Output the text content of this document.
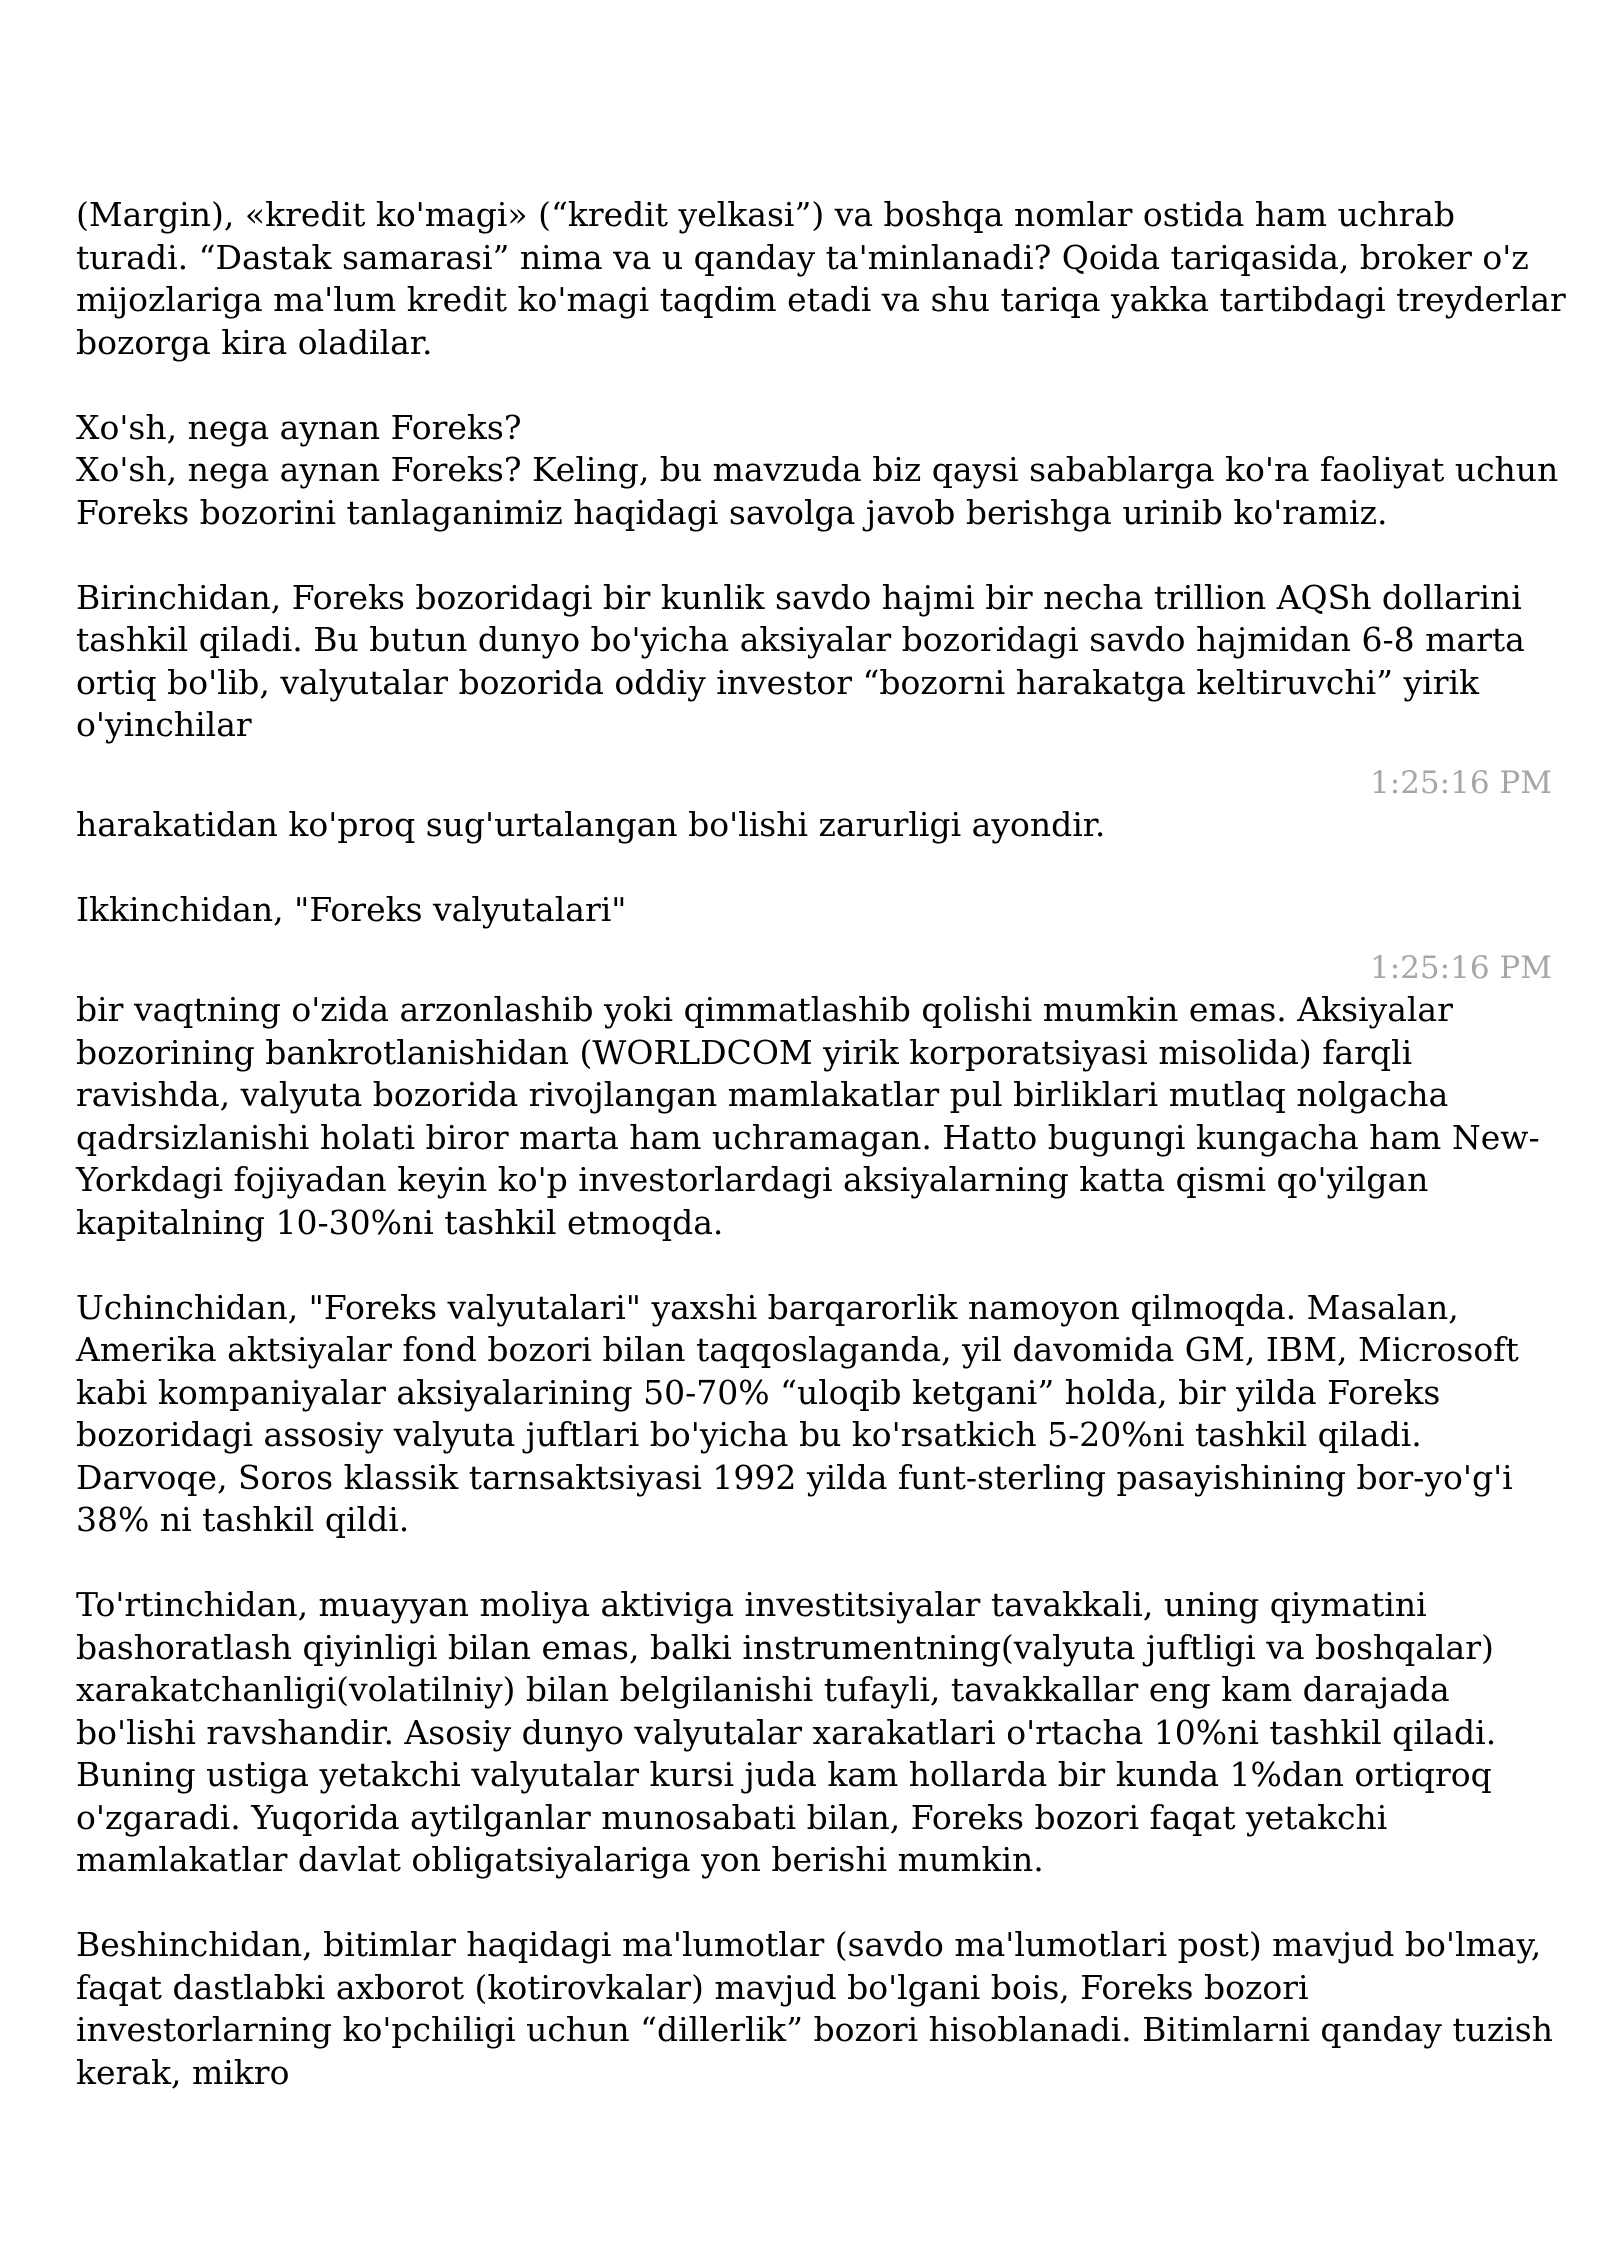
(Margin), «kredit ko'magi» (“kredit yelkasi”) va boshqa nomlar ostida ham uchrab turadi. “Dastak samarasi” nima va u qanday ta'minlanadi? Qoida tariqasida, broker o'z mijozlariga ma'lum kredit ko'magi taqdim etadi va shu tariqa yakka tartibdagi treyderlar bozorga kira oladilar.

Xo'sh, nega aynan Foreks?

Xo'sh, nega aynan Foreks? Keling, bu mavzuda biz qaysi sabablarga ko'ra faoliyat uchun Foreks bozorini tanlaganimiz haqidagi savolga javob berishga urinib ko'ramiz.

Birinchidan, Foreks bozoridagi bir kunlik savdo hajmi bir necha trillion AQSh dollarini tashkil qiladi. Bu butun dunyo bo'yicha aksiyalar bozoridagi savdo hajmidan 6-8 marta ortiq bo'lib, valyutalar bozorida oddiy investor “bozorni harakatga keltiruvchi” yirik o'yinchilar

1:25:16 PM

harakatidan ko'proq sug'urtalangan bo'lishi zarurligi ayondir.

Ikkinchidan, "Foreks valyutalari"

1:25:16 PM

bir vaqtning o'zida arzonlashib yoki qimmatlashib qolishi mumkin emas. Aksiyalar bozorining bankrotlanishidan (WORLDCOM yirik korporatsiyasi misolida) farqli ravishda, valyuta bozorida rivojlangan mamlakatlar pul birliklari mutlaq nolgacha qadrsizlanishi holati biror marta ham uchramagan. Hatto bugungi kungacha ham New-Yorkdagi fojiyadan keyin ko'p investorlardagi aksiyalarning katta qismi qo'yilgan kapitalning 10-30%ni tashkil etmoqda.

Uchinchidan, "Foreks valyutalari" yaxshi barqarorlik namoyon qilmoqda. Masalan, Amerika aktsiyalar fond bozori bilan taqqoslaganda, yil davomida GM, IBM, Microsoft kabi kompaniyalar aksiyalarining 50-70% “uloqib ketgani” holda, bir yilda Foreks bozoridagi assosiy valyuta juftlari bo'yicha bu ko'rsatkich 5-20%ni tashkil qiladi. Darvoqe, Soros klassik tarnsaktsiyasi 1992 yilda funt-sterling pasayishining bor-yo'g'i 38% ni tashkil qildi.

To'rtinchidan, muayyan moliya aktiviga investitsiyalar tavakkali, uning qiymatini bashoratlash qiyinligi bilan emas, balki instrumentning(valyuta juftligi va boshqalar) xarakatchanligi(volatilniy) bilan belgilanishi tufayli, tavakkallar eng kam darajada bo'lishi ravshandir. Asosiy dunyo valyutalar xarakatlari o'rtacha 10%ni tashkil qiladi. Buning ustiga yetakchi valyutalar kursi juda kam hollarda bir kunda 1%dan ortiqroq o'zgaradi. Yuqorida aytilganlar munosabati bilan, Foreks bozori faqat yetakchi mamlakatlar davlat obligatsiyalariga yon berishi mumkin.

Beshinchidan, bitimlar haqidagi ma'lumotlar (savdo ma'lumotlari post) mavjud bo'lmay, faqat dastlabki axborot (kotirovkalar) mavjud bo'lgani bois, Foreks bozori investorlarning ko'pchiligi uchun “dillerlik” bozori hisoblanadi. Bitimlarni qanday tuzish kerak, mikro
